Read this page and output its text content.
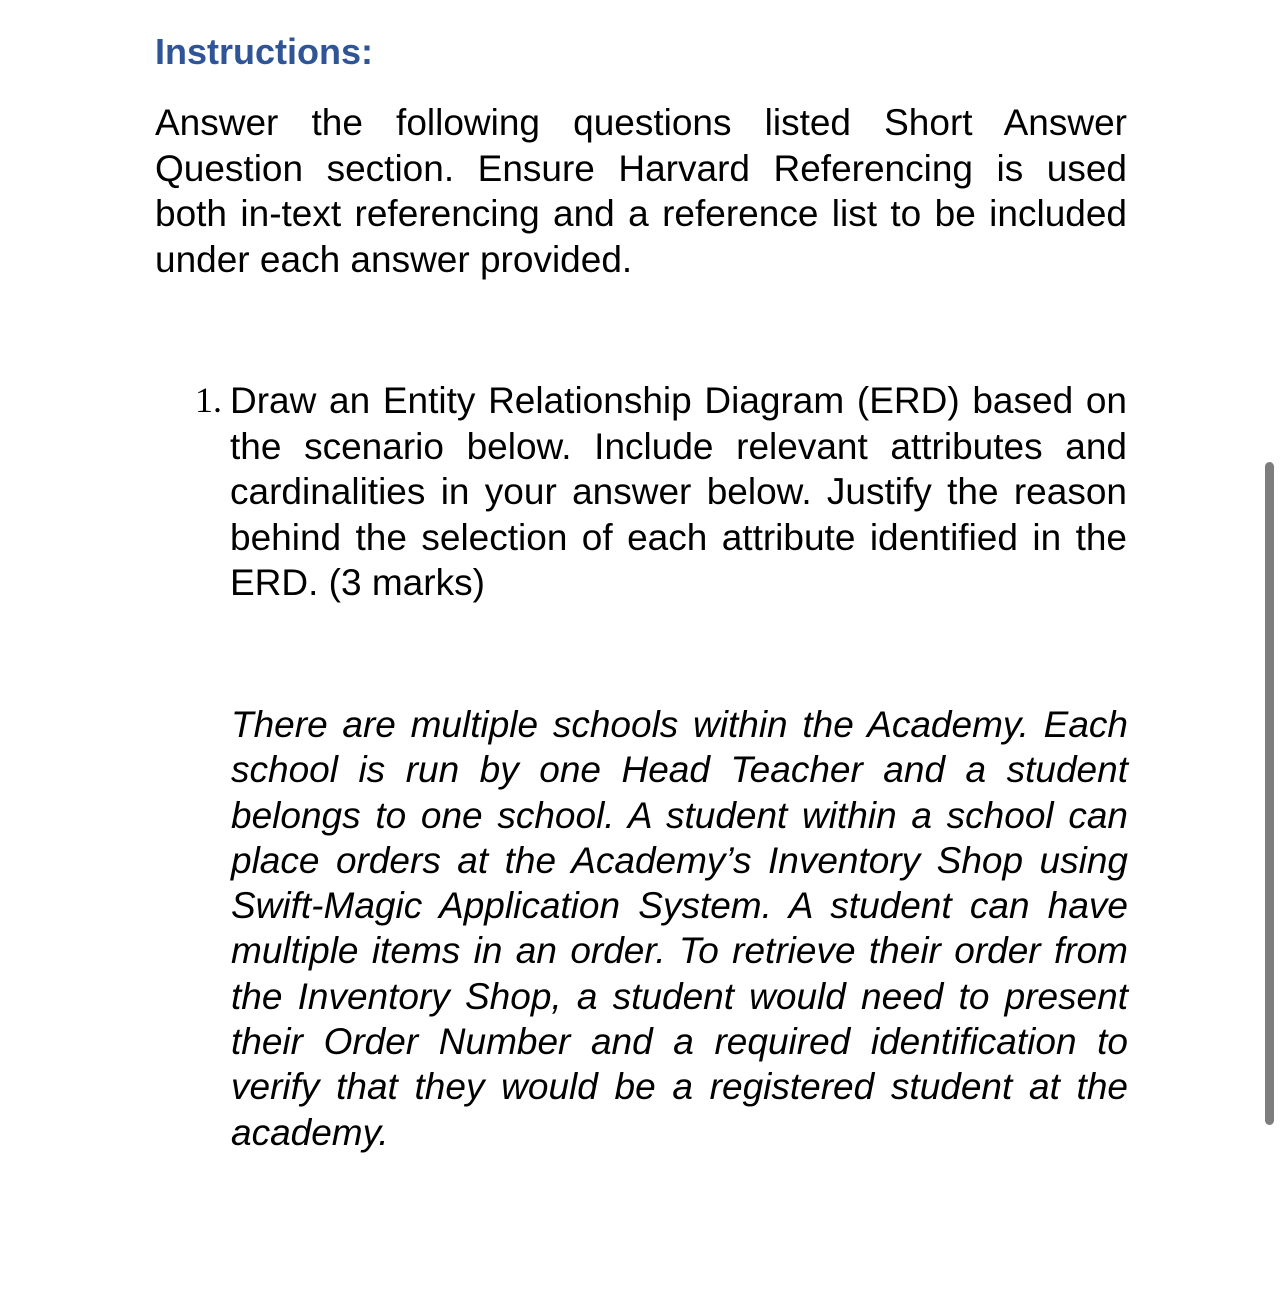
Instructions:

Answer the following questions listed Short Answer Question section. Ensure Harvard Referencing is used both in-text referencing and a reference list to be included under each answer provided.

1. Draw an Entity Relationship Diagram (ERD) based on the scenario below. Include relevant attributes and cardinalities in your answer below. Justify the reason behind the selection of each attribute identified in the ERD. (3 marks)

There are multiple schools within the Academy. Each school is run by one Head Teacher and a student belongs to one school. A student within a school can place orders at the Academy’s Inventory Shop using Swift-Magic Application System. A student can have multiple items in an order. To retrieve their order from the Inventory Shop, a student would need to present their Order Number and a required identification to verify that they would be a registered student at the academy.
